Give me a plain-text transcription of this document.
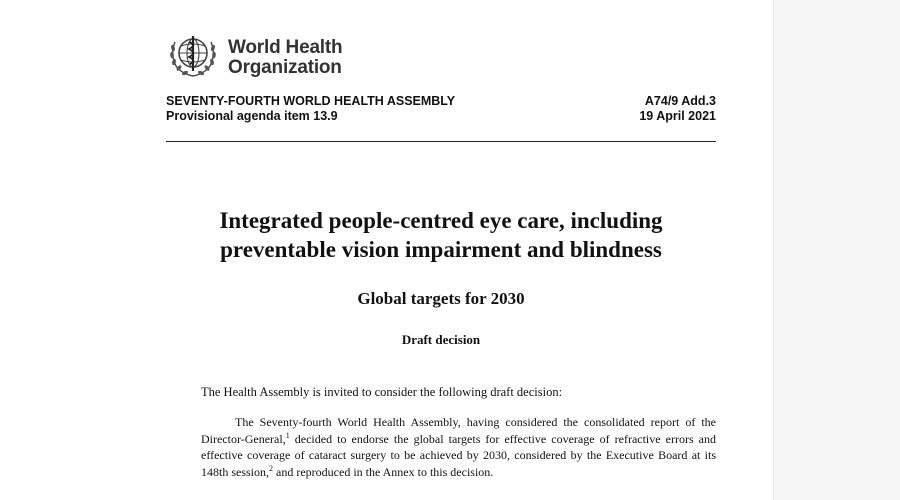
World Health
Organization
SEVENTY-FOURTH WORLD HEALTH ASSEMBLY
Provisional agenda item 13.9
A74/9 Add.3
19 April 2021
Integrated people-centred eye care, including
preventable vision impairment and blindness
Global targets for 2030
Draft decision
The Health Assembly is invited to consider the following draft decision:
The Seventy-fourth World Health Assembly, having considered the consolidated report of the Director-General,$^1$ decided to endorse the global targets for effective coverage of refractive errors and effective coverage of cataract surgery to be achieved by 2030, considered by the Executive Board at its 148th session,$^2$ and reproduced in the Annex to this decision.
